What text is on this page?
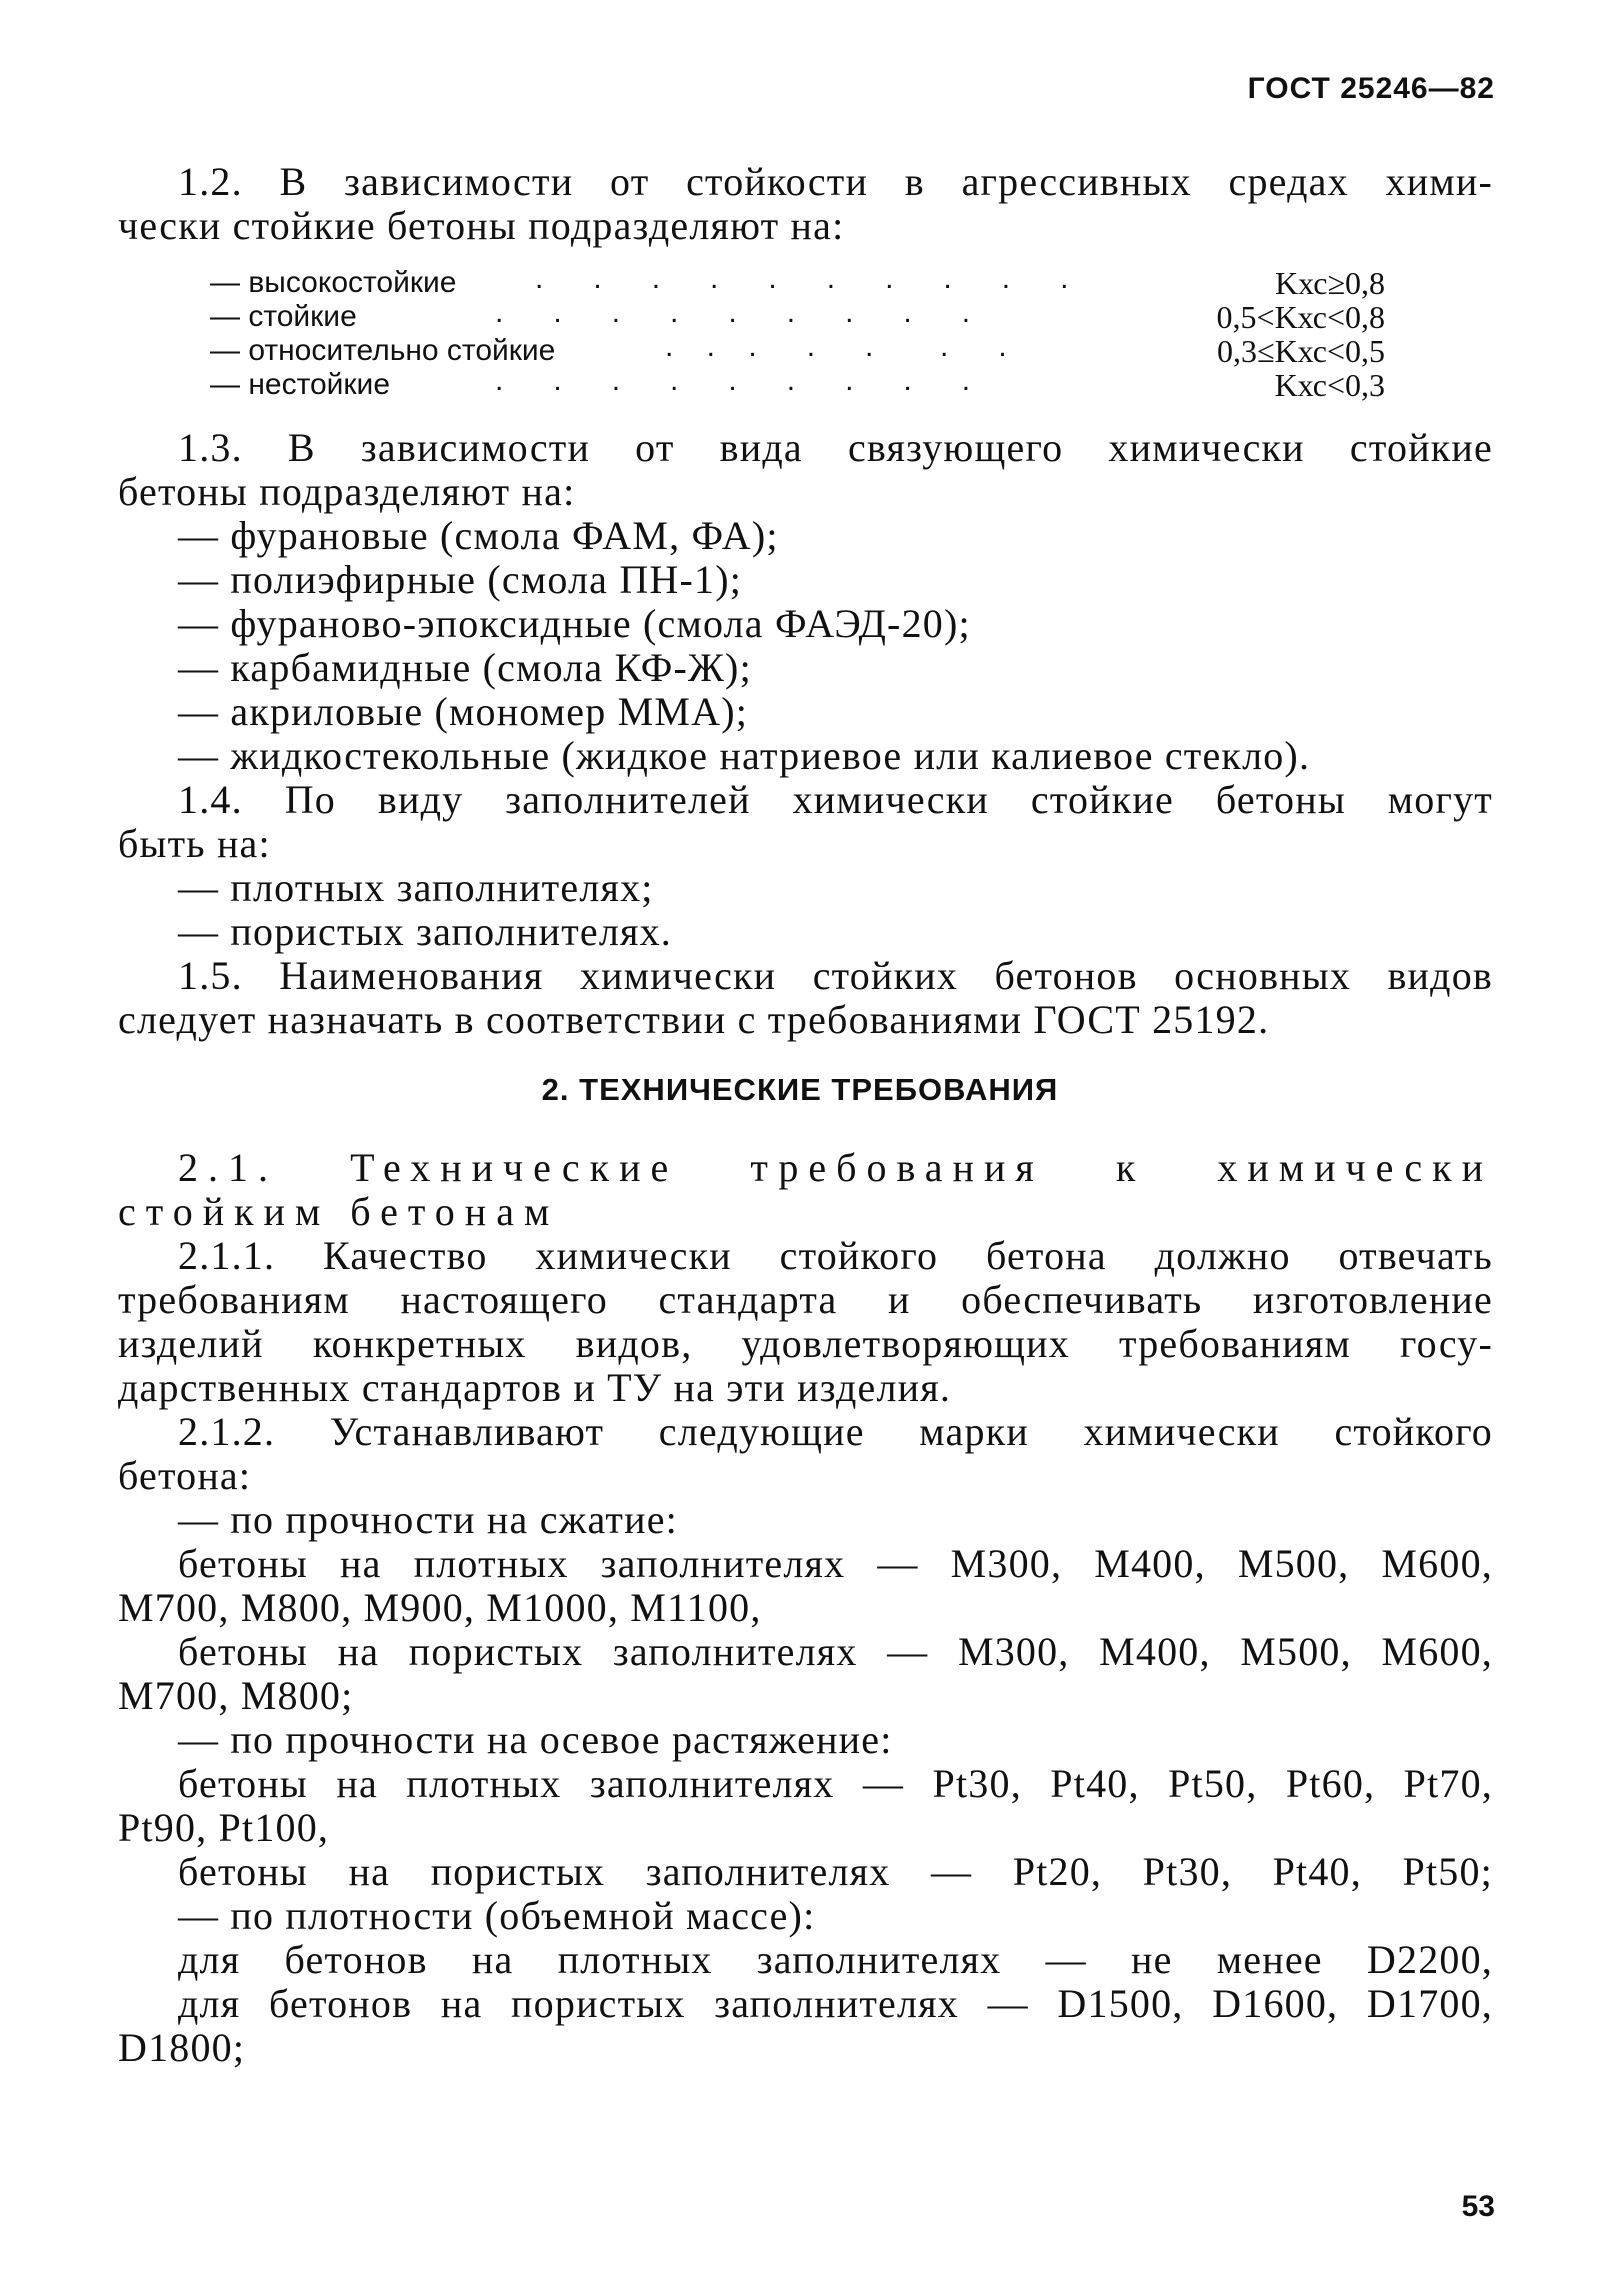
ГОСТ 25246—82
1.2. В зависимости от стойкости в агрессивных средах хими-
чески стойкие бетоны подразделяют на:
— высокостойкие	.      .      .      .      .      .      .      .      .      .	Kхс≥0,8
— стойкие	.      .      .      .      .      .      .      .      .	0,5<Kхс<0,8
— относительно стойкие	.    .    .      .      .        .      .	0,3≤Kхс<0,5
— нестойкие	.      .      .      .      .      .      .      .      .	Kхс<0,3
1.3. В зависимости от вида связующего химически стойкие
бетоны подразделяют на:
— фурановые (смола ФАМ, ФА);
— полиэфирные (смола ПН-1);
— фураново-эпоксидные (смола ФАЭД-20);
— карбамидные (смола КФ-Ж);
— акриловые (мономер ММА);
— жидкостекольные (жидкое натриевое или калиевое стекло).
1.4. По виду заполнителей химически стойкие бетоны могут
быть на:
— плотных заполнителях;
— пористых заполнителях.
1.5. Наименования химически стойких бетонов основных видов
следует назначать в соответствии с требованиями ГОСТ 25192.
2. ТЕХНИЧЕСКИЕ ТРЕБОВАНИЯ
2.1. Технические требования к химически
стойким бетонам
2.1.1. Качество химически стойкого бетона должно отвечать
требованиям настоящего стандарта и обеспечивать изготовление
изделий конкретных видов, удовлетворяющих требованиям госу-
дарственных стандартов и ТУ на эти изделия.
2.1.2. Устанавливают следующие марки химически стойкого
бетона:
— по прочности на сжатие:
бетоны на плотных заполнителях — М300, М400, М500, М600,
М700, М800, М900, М1000, М1100,
бетоны на пористых заполнителях — М300, М400, М500, М600,
М700, М800;
— по прочности на осевое растяжение:
бетоны на плотных заполнителях — Pt30, Pt40, Pt50, Pt60, Pt70,
Pt90, Pt100,
бетоны на пористых заполнителях — Pt20, Pt30, Pt40, Pt50;
— по плотности (объемной массе):
для бетонов на плотных заполнителях — не менее D2200,
для бетонов на пористых заполнителях — D1500, D1600, D1700,
D1800;
53
